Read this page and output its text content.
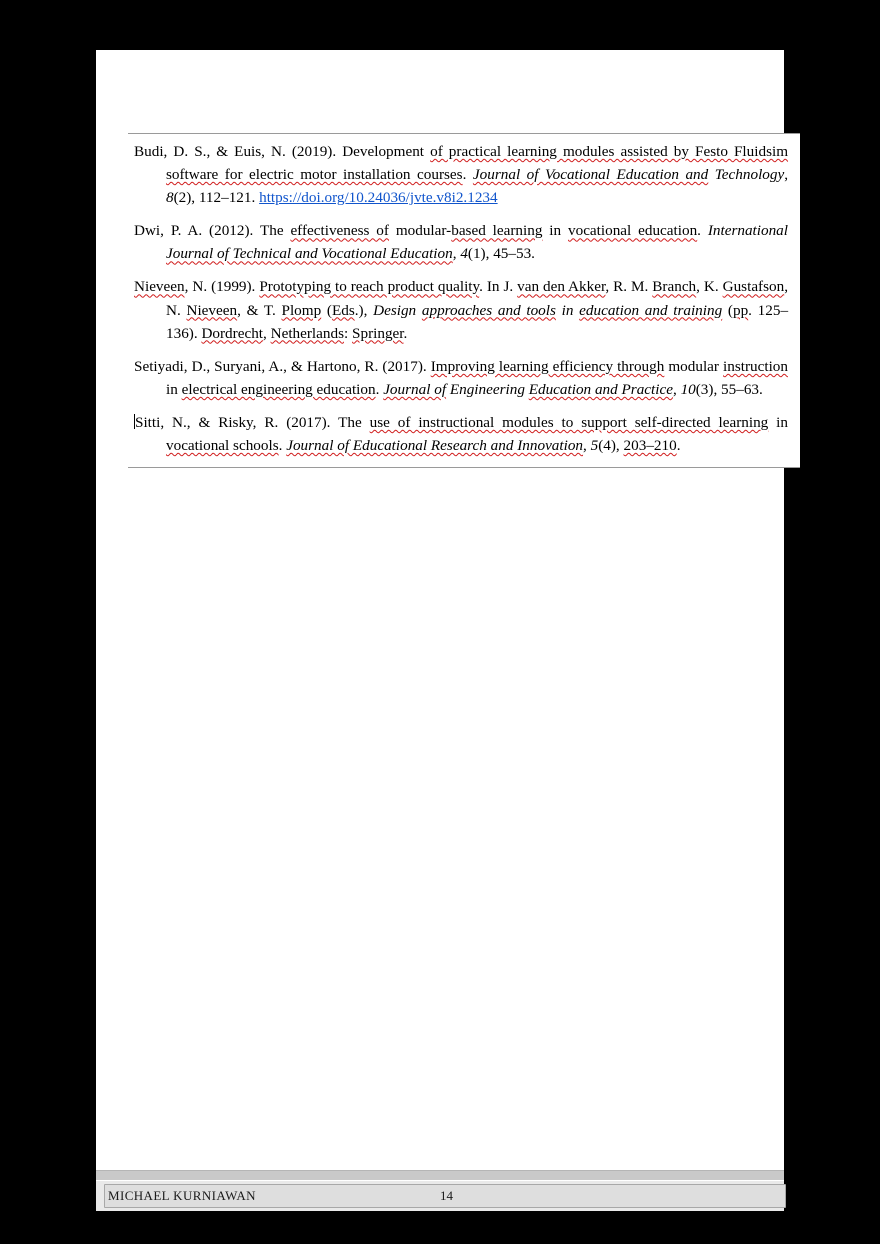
Budi, D. S., & Euis, N. (2019). Development of practical learning modules assisted by Festo Fluidsim software for electric motor installation courses. Journal of Vocational Education and Technology, 8(2), 112–121. https://doi.org/10.24036/jvte.v8i2.1234

Dwi, P. A. (2012). The effectiveness of modular-based learning in vocational education. International Journal of Technical and Vocational Education, 4(1), 45–53.

Nieveen, N. (1999). Prototyping to reach product quality. In J. van den Akker, R. M. Branch, K. Gustafson, N. Nieveen, & T. Plomp (Eds.), Design approaches and tools in education and training (pp. 125–136). Dordrecht, Netherlands: Springer.

Setiyadi, D., Suryani, A., & Hartono, R. (2017). Improving learning efficiency through modular instruction in electrical engineering education. Journal of Engineering Education and Practice, 10(3), 55–63.

Sitti, N., & Risky, R. (2017). The use of instructional modules to support self-directed learning in vocational schools. Journal of Educational Research and Innovation, 5(4), 203–210.

MICHAEL KURNIAWAN	14
